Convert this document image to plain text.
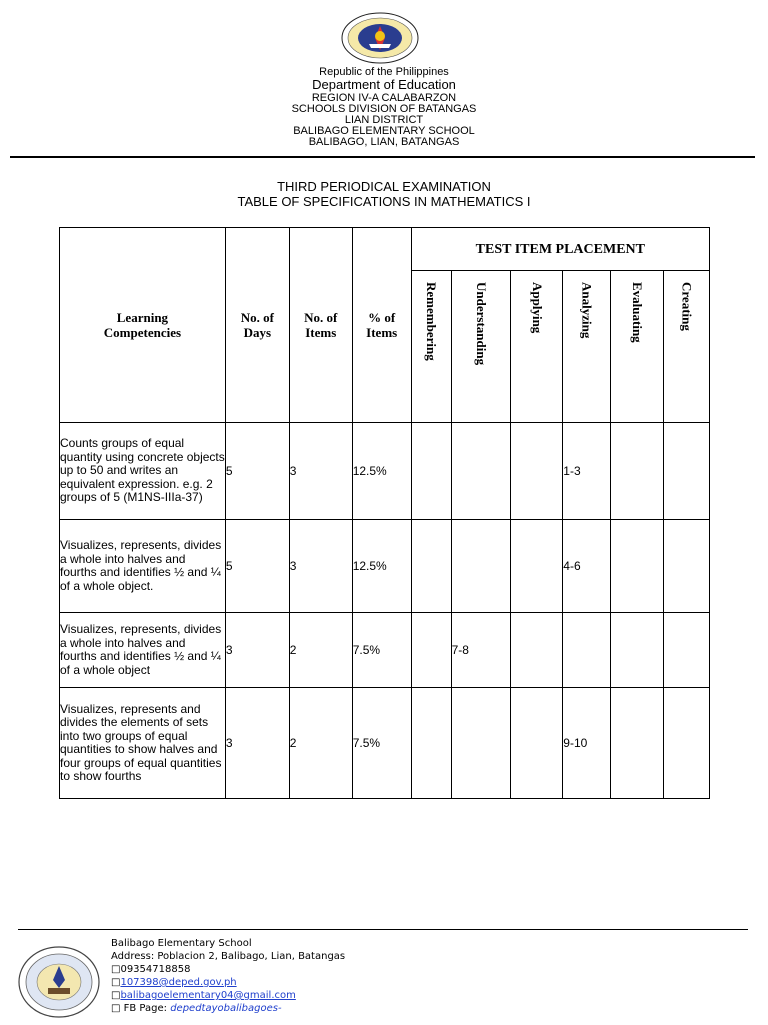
Republic of the Philippines
Department of Education
REGION IV-A CALABARZON
SCHOOLS DIVISION OF BATANGAS
LIAN DISTRICT
BALIBAGO ELEMENTARY SCHOOL
BALIBAGO, LIAN, BATANGAS
THIRD PERIODICAL EXAMINATION
TABLE OF SPECIFICATIONS IN MATHEMATICS I
Learning Competencies	No. of Days	No. of Items	% of Items	TEST ITEM PLACEMENT					

				Remembering	Understanding	Applying	Analyzing	Evaluating	Creating

Counts groups of equal quantity using concrete objects up to 50 and writes an equivalent expression. e.g. 2 groups of 5 (M1NS-IIIa-37)	5	3	12.5%				1-3		
Visualizes, represents, divides a whole into halves and fourths and identifies ½ and ¼ of a whole object.	5	3	12.5%				4-6		
Visualizes, represents, divides a whole into halves and fourths and identifies ½ and ¼ of a whole object	3	2	7.5%		7-8				
Visualizes, represents and divides the elements of sets into two groups of equal quantities to show halves and four groups of equal quantities to show fourths	3	2	7.5%				9-10		
Balibago Elementary School
Address: Poblacion 2, Balibago, Lian, Batangas
□09354718858
□107398@deped.gov.ph
□balibagoelementary04@gmail.com
□ FB Page: depedtayobalibagoes-
